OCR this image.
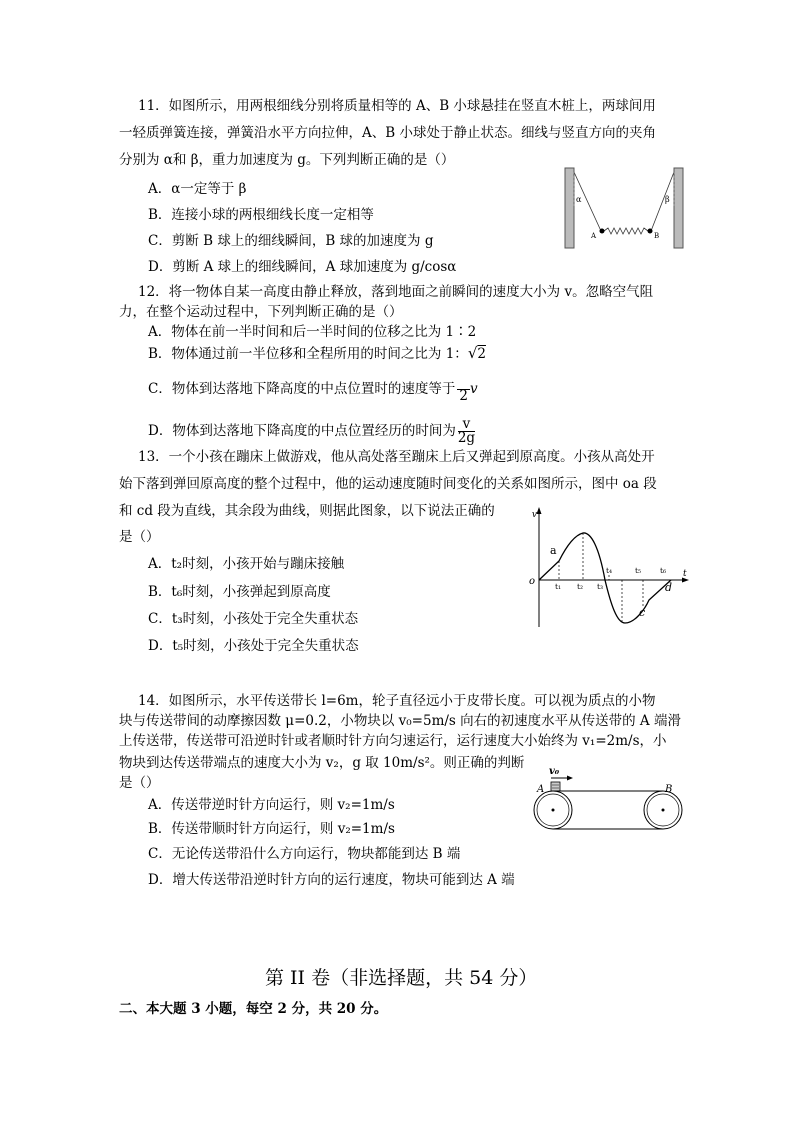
11．如图所示，用两根细线分别将质量相等的 A、B 小球悬挂在竖直木桩上，两球间用
一轻质弹簧连接，弹簧沿水平方向拉伸，A、B 小球处于静止状态。细线与竖直方向的夹角
分别为 α和 β，重力加速度为 g。下列判断正确的是（）
A．α一定等于 β
B．连接小球的两根细线长度一定相等
C．剪断 B 球上的细线瞬间，B 球的加速度为 g
D．剪断 A 球上的细线瞬间，A 球加速度为 g/cosα
α	β
A	B
12．将一物体自某一高度由静止释放，落到地面之前瞬间的速度大小为 v。忽略空气阻
力，在整个运动过程中，下列判断正确的是（）
A．物体在前一半时间和后一半时间的位移之比为 1∶2
B．物体通过前一半位移和全程所用的时间之比为 1：√2
C．物体到达落地下降高度的中点位置时的速度等于 $\frac{1}{2}$ v
D．物体到达落地下降高度的中点位置经历的时间为 $\frac{v}{2g}$
13．一个小孩在蹦床上做游戏，他从高处落至蹦床上后又弹起到原高度。小孩从高处开
始下落到弹回原高度的整个过程中，他的运动速度随时间变化的关系如图所示，图中 oa 段
和 cd 段为直线，其余段为曲线，则据此图象，以下说法正确的
是（）
A．t₂时刻，小孩开始与蹦床接触
B．t₆时刻，小孩弹起到原高度
C．t₃时刻，小孩处于完全失重状态
D．t₅时刻，小孩处于完全失重状态
v
t
o
a
c
d
t₁ t₂ t₃
t₄	t₅	t₆
14．如图所示，水平传送带长 l=6m，轮子直径远小于皮带长度。可以视为质点的小物
块与传送带间的动摩擦因数 μ=0.2，小物块以 v₀=5m/s 向右的初速度水平从传送带的 A 端滑
上传送带，传送带可沿逆时针或者顺时针方向匀速运行，运行速度大小始终为 v₁=2m/s，小
物块到达传送带端点的速度大小为 v₂，g 取 10m/s²。则正确的判断
是（）
A．传送带逆时针方向运行，则 v₂=1m/s
B．传送带顺时针方向运行，则 v₂=1m/s
C．无论传送带沿什么方向运行，物块都能到达 B 端
D．增大传送带沿逆时针方向的运行速度，物块可能到达 A 端
v₀
A	B
第 II 卷（非选择题，共 54 分）
二、本大题 3 小题，每空 2 分，共 20 分。
